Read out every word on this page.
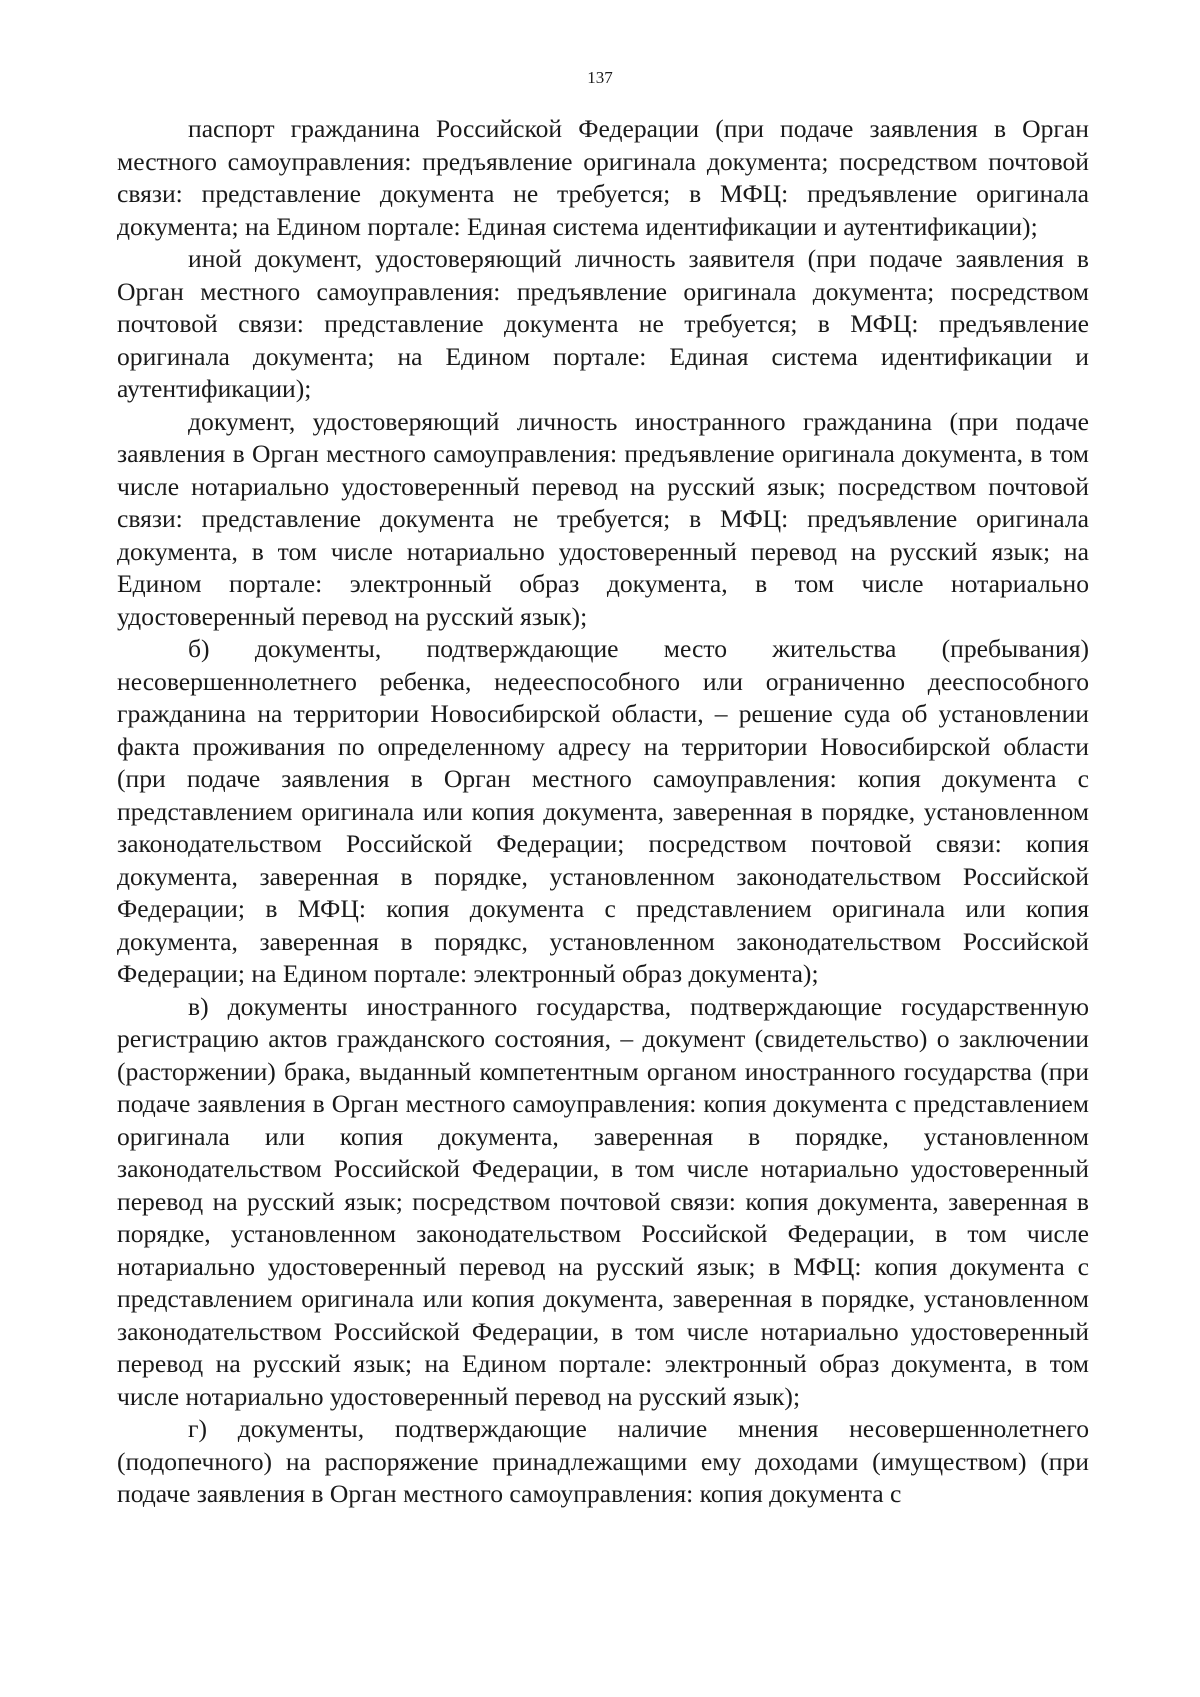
137

паспорт гражданина Российской Федерации (при подаче заявления в Орган местного самоуправления: предъявление оригинала документа; посредством почтовой связи: представление документа не требуется; в МФЦ: предъявление оригинала документа; на Едином портале: Единая система идентификации и аутентификации);

иной документ, удостоверяющий личность заявителя (при подаче заявления в Орган местного самоуправления: предъявление оригинала документа; посредством почтовой связи: представление документа не требуется; в МФЦ: предъявление оригинала документа; на Едином портале: Единая система идентификации и аутентификации);

документ, удостоверяющий личность иностранного гражданина (при подаче заявления в Орган местного самоуправления: предъявление оригинала документа, в том числе нотариально удостоверенный перевод на русский язык; посредством почтовой связи: представление документа не требуется; в МФЦ: предъявление оригинала документа, в том числе нотариально удостоверенный перевод на русский язык; на Едином портале: электронный образ документа, в том числе нотариально удостоверенный перевод на русский язык);

б) документы, подтверждающие место жительства (пребывания) несовершеннолетнего ребенка, недееспособного или ограниченно дееспособного гражданина на территории Новосибирской области, – решение суда об установлении факта проживания по определенному адресу на территории Новосибирской области (при подаче заявления в Орган местного самоуправления: копия документа с представлением оригинала или копия документа, заверенная в порядке, установленном законодательством Российской Федерации; посредством почтовой связи: копия документа, заверенная в порядке, установленном законодательством Российской Федерации; в МФЦ: копия документа с представлением оригинала или копия документа, заверенная в порядкс, установленном законодательством Российской Федерации; на Едином портале: электронный образ документа);

в) документы иностранного государства, подтверждающие государственную регистрацию актов гражданского состояния, – документ (свидетельство) о заключении (расторжении) брака, выданный компетентным органом иностранного государства (при подаче заявления в Орган местного самоуправления: копия документа с представлением оригинала или копия документа, заверенная в порядке, установленном законодательством Российской Федерации, в том числе нотариально удостоверенный перевод на русский язык; посредством почтовой связи: копия документа, заверенная в порядке, установленном законодательством Российской Федерации, в том числе нотариально удостоверенный перевод на русский язык; в МФЦ: копия документа с представлением оригинала или копия документа, заверенная в порядке, установленном законодательством Российской Федерации, в том числе нотариально удостоверенный перевод на русский язык; на Едином портале: электронный образ документа, в том числе нотариально удостоверенный перевод на русский язык);

г) документы, подтверждающие наличие мнения несовершеннолетнего (подопечного) на распоряжение принадлежащими ему доходами (имуществом) (при подаче заявления в Орган местного самоуправления: копия документа с
